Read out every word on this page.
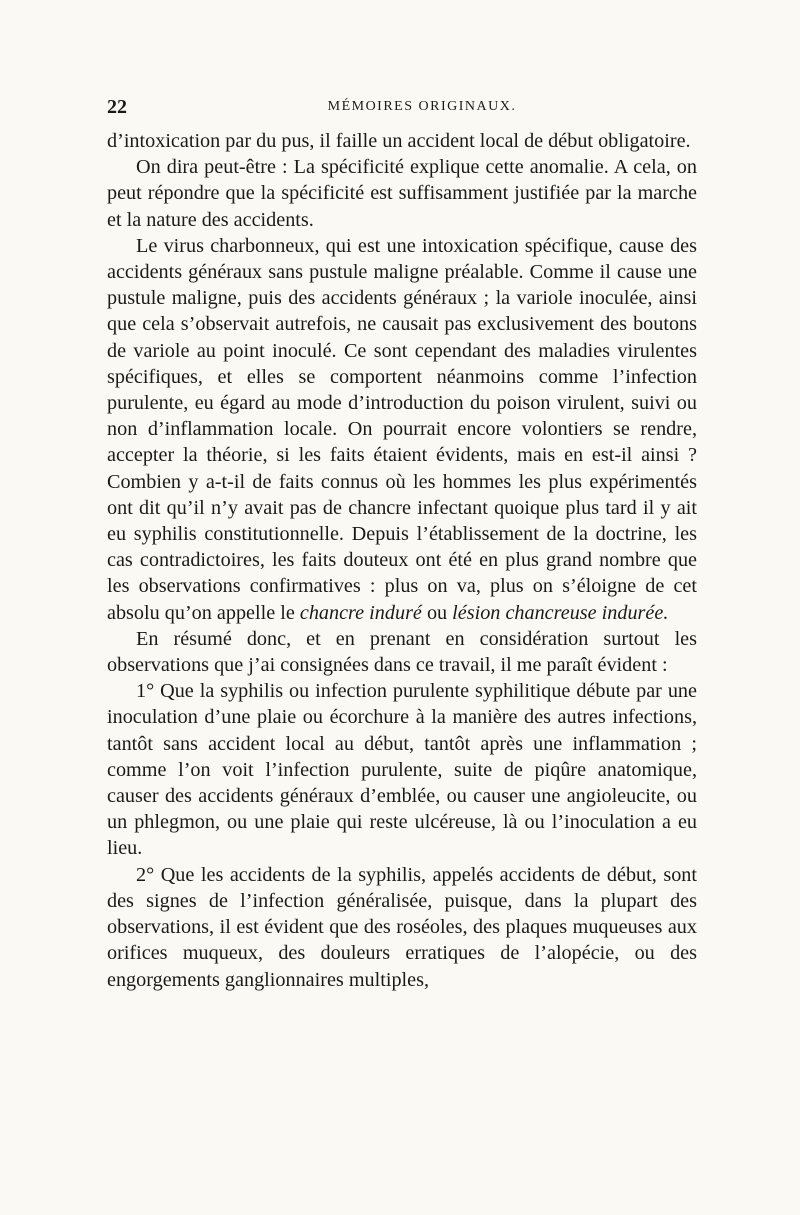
22	MÉMOIRES ORIGINAUX.

d’intoxication par du pus, il faille un accident local de début obligatoire.

On dira peut-être : La spécificité explique cette anomalie. A cela, on peut répondre que la spécificité est suffisamment justifiée par la marche et la nature des accidents.

Le virus charbonneux, qui est une intoxication spécifique, cause des accidents généraux sans pustule maligne préalable. Comme il cause une pustule maligne, puis des accidents généraux ; la variole inoculée, ainsi que cela s’observait autrefois, ne causait pas exclusivement des boutons de variole au point inoculé. Ce sont cependant des maladies virulentes spécifiques, et elles se comportent néanmoins comme l’infection purulente, eu égard au mode d’introduction du poison virulent, suivi ou non d’inflammation locale. On pourrait encore volontiers se rendre, accepter la théorie, si les faits étaient évidents, mais en est-il ainsi ? Combien y a-t-il de faits connus où les hommes les plus expérimentés ont dit qu’il n’y avait pas de chancre infectant quoique plus tard il y ait eu syphilis constitutionnelle. Depuis l’établissement de la doctrine, les cas contradictoires, les faits douteux ont été en plus grand nombre que les observations confirmatives : plus on va, plus on s’éloigne de cet absolu qu’on appelle le chancre induré ou lésion chancreuse indurée.

En résumé donc, et en prenant en considération surtout les observations que j’ai consignées dans ce travail, il me paraît évident :

1° Que la syphilis ou infection purulente syphilitique débute par une inoculation d’une plaie ou écorchure à la manière des autres infections, tantôt sans accident local au début, tantôt après une inflammation ; comme l’on voit l’infection purulente, suite de piqûre anatomique, causer des accidents généraux d’emblée, ou causer une angioleucite, ou un phlegmon, ou une plaie qui reste ulcéreuse, là ou l’inoculation a eu lieu.

2° Que les accidents de la syphilis, appelés accidents de début, sont des signes de l’infection généralisée, puisque, dans la plupart des observations, il est évident que des roséoles, des plaques muqueuses aux orifices muqueux, des douleurs erratiques de l’alopécie, ou des engorgements ganglionnaires multiples,
